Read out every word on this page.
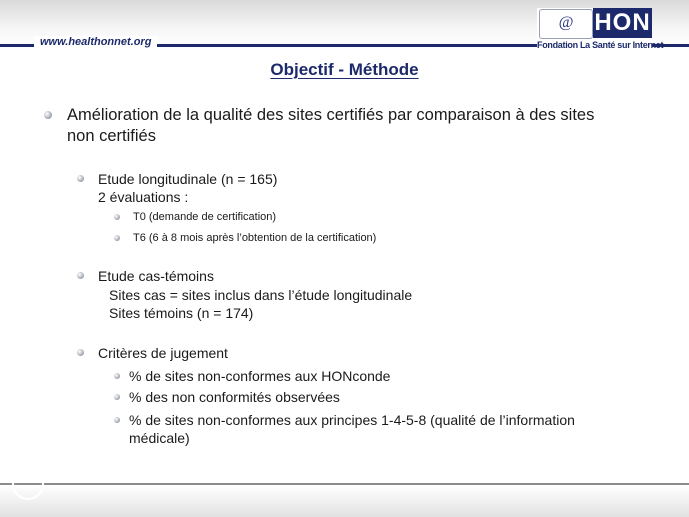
www.healthonnet.org
@ HON
Fondation La Santé sur Internet
Objectif - Méthode
Amélioration de la qualité des sites certifiés par comparaison à des sites
non certifiés
Etude longitudinale (n = 165)
2 évaluations :
T0 (demande de certification)
T6 (6 à 8 mois après l’obtention de la certification)
Etude cas-témoins
Sites cas = sites inclus dans l’étude longitudinale
Sites témoins (n = 174)
Critères de jugement
% de sites non-conformes aux HONconde
% des non conformités observées
% de sites non-conformes aux principes 1-4-5-8 (qualité de l’information
médicale)
